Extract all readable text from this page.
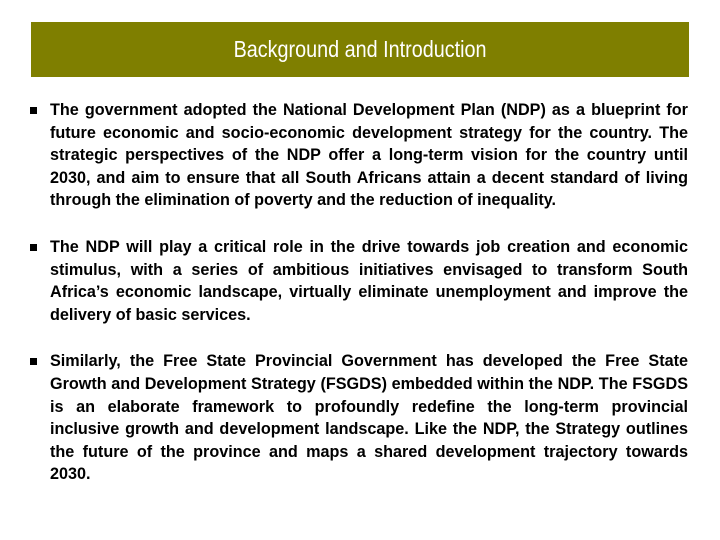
Background and Introduction
The government adopted the National Development Plan (NDP) as a blueprint for future economic and socio-economic development strategy for the country. The strategic perspectives of the NDP offer a long-term vision for the country until 2030, and aim to ensure that all South Africans attain a decent standard of living through the elimination of poverty and the reduction of inequality.
The NDP will play a critical role in the drive towards job creation and economic stimulus, with a series of ambitious initiatives envisaged to transform South Africa’s economic landscape, virtually eliminate unemployment and improve the delivery of basic services.
Similarly, the Free State Provincial Government has developed the Free State Growth and Development Strategy (FSGDS) embedded within the NDP. The FSGDS is an elaborate framework to profoundly redefine the long-term provincial inclusive growth and development landscape. Like the NDP, the Strategy outlines the future of the province and maps a shared development trajectory towards 2030.
